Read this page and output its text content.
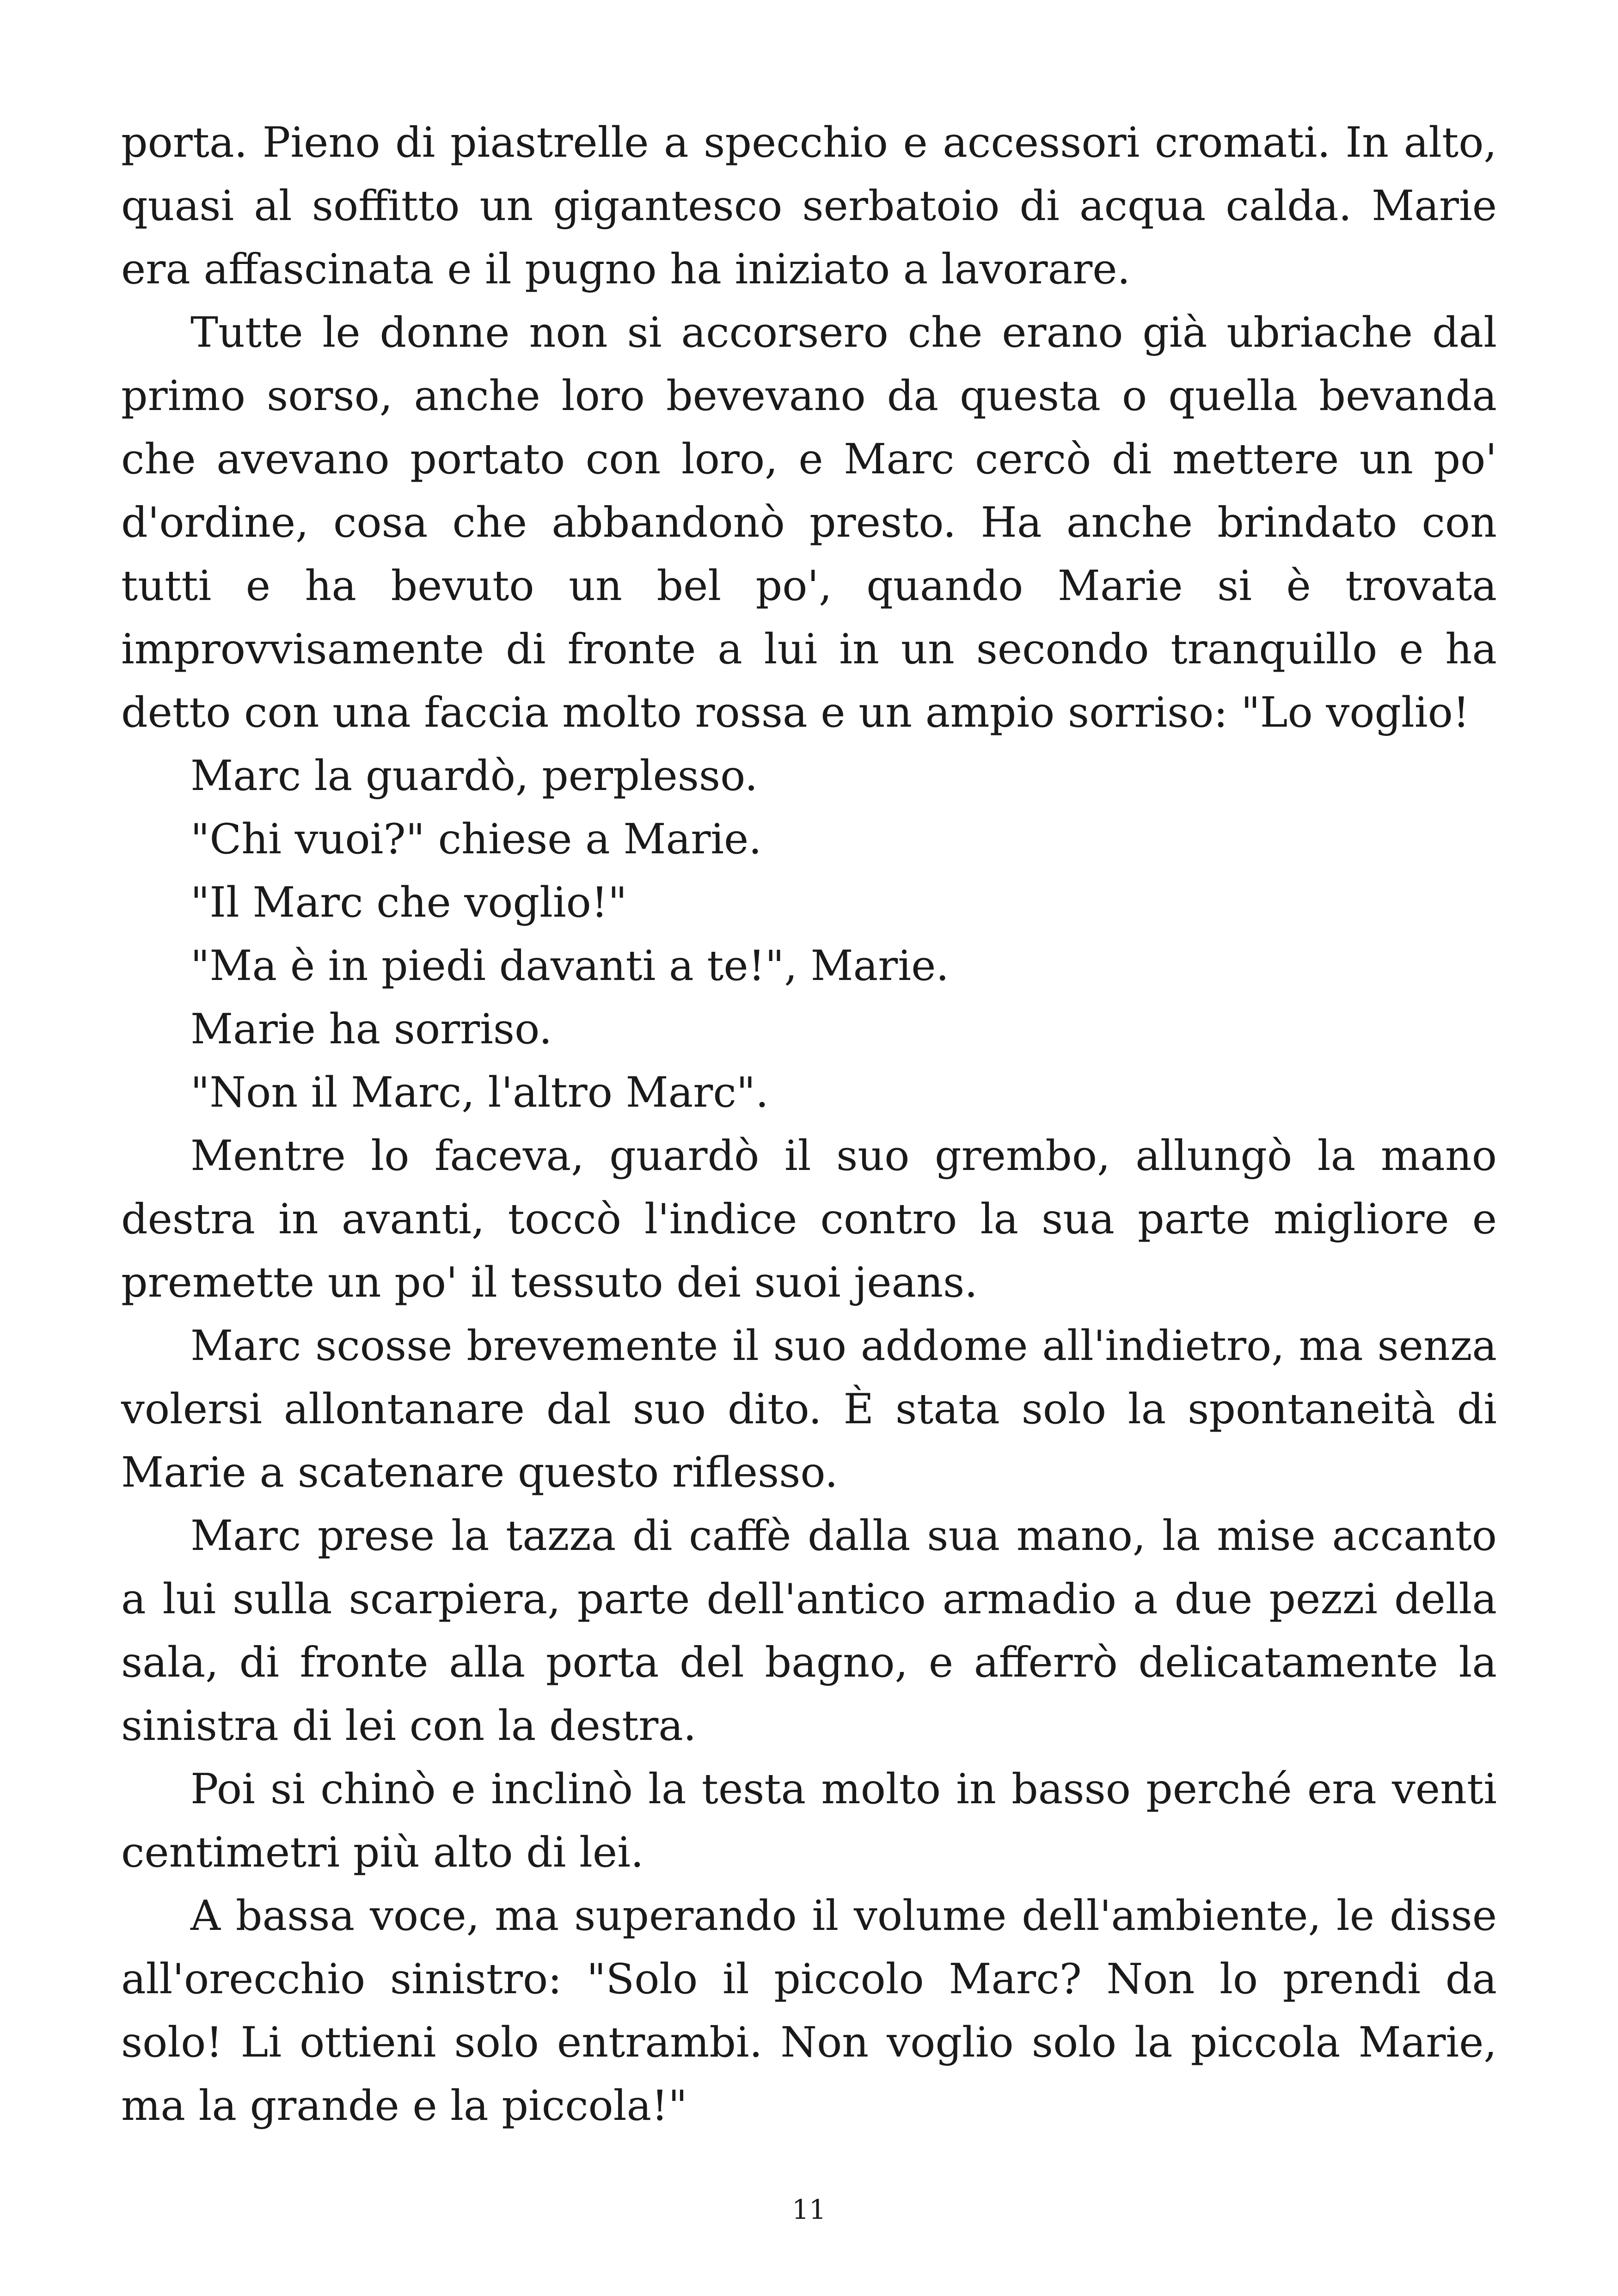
porta. Pieno di piastrelle a specchio e accessori cromati. In alto, quasi al soffitto un gigantesco serbatoio di acqua calda. Marie era affascinata e il pugno ha iniziato a lavorare.

Tutte le donne non si accorsero che erano già ubriache dal primo sorso, anche loro bevevano da questa o quella bevanda che avevano portato con loro, e Marc cercò di mettere un po' d'ordine, cosa che abbandonò presto. Ha anche brindato con tutti e ha bevuto un bel po', quando Marie si è trovata improvvisamente di fronte a lui in un secondo tranquillo e ha detto con una faccia molto rossa e un ampio sorriso: "Lo voglio!

Marc la guardò, perplesso.

"Chi vuoi?" chiese a Marie.

"Il Marc che voglio!"

"Ma è in piedi davanti a te!", Marie.

Marie ha sorriso.

"Non il Marc, l'altro Marc".

Mentre lo faceva, guardò il suo grembo, allungò la mano destra in avanti, toccò l'indice contro la sua parte migliore e premette un po' il tessuto dei suoi jeans.

Marc scosse brevemente il suo addome all'indietro, ma senza volersi allontanare dal suo dito. È stata solo la spontaneità di Marie a scatenare questo riflesso.

Marc prese la tazza di caffè dalla sua mano, la mise accanto a lui sulla scarpiera, parte dell'antico armadio a due pezzi della sala, di fronte alla porta del bagno, e afferrò delicatamente la sinistra di lei con la destra.

Poi si chinò e inclinò la testa molto in basso perché era venti centimetri più alto di lei.

A bassa voce, ma superando il volume dell'ambiente, le disse all'orecchio sinistro: "Solo il piccolo Marc? Non lo prendi da solo! Li ottieni solo entrambi. Non voglio solo la piccola Marie, ma la grande e la piccola!"

11
